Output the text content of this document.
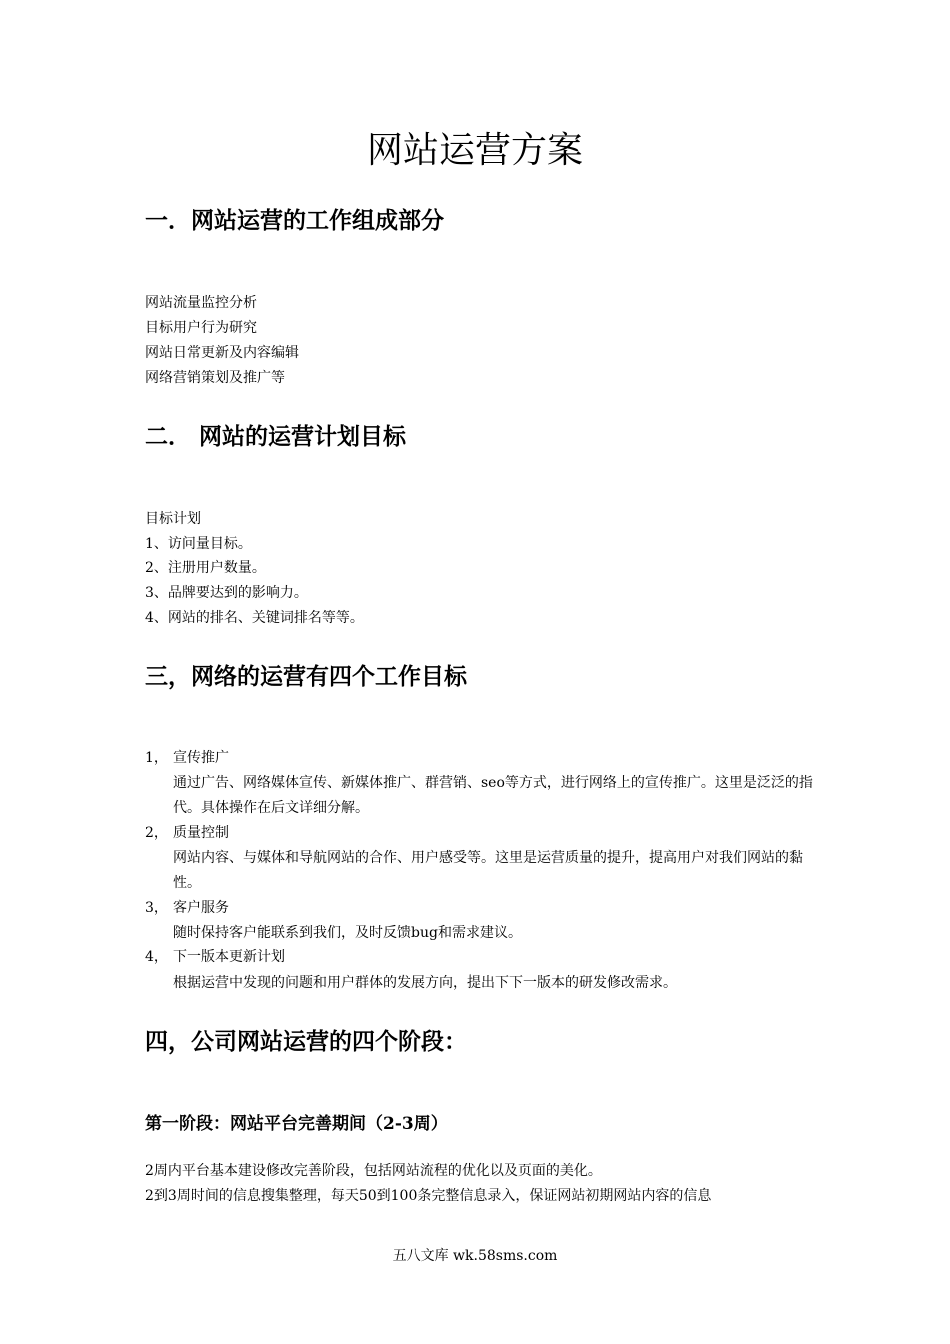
网站运营方案
一．网站运营的工作组成部分
网站流量监控分析
目标用户行为研究
网站日常更新及内容编辑
网络营销策划及推广等
二． 网站的运营计划目标
目标计划
1、访问量目标。
2、注册用户数量。
3、品牌要达到的影响力。
4、网站的排名、关键词排名等等。
三，网络的运营有四个工作目标
1， 宣传推广
通过广告、网络媒体宣传、新媒体推广、群营销、seo等方式，进行网络上的宣传推广。这里是泛泛的指代。具体操作在后文详细分解。
2， 质量控制
网站内容、与媒体和导航网站的合作、用户感受等。这里是运营质量的提升，提高用户对我们网站的黏性。
3， 客户服务
随时保持客户能联系到我们，及时反馈bug和需求建议。
4， 下一版本更新计划
根据运营中发现的问题和用户群体的发展方向，提出下下一版本的研发修改需求。
四，公司网站运营的四个阶段：
第一阶段：网站平台完善期间（2-3周）
2周内平台基本建设修改完善阶段，包括网站流程的优化以及页面的美化。
2到3周时间的信息搜集整理，每天50到100条完整信息录入，保证网站初期网站内容的信息
五八文库 wk.58sms.com
